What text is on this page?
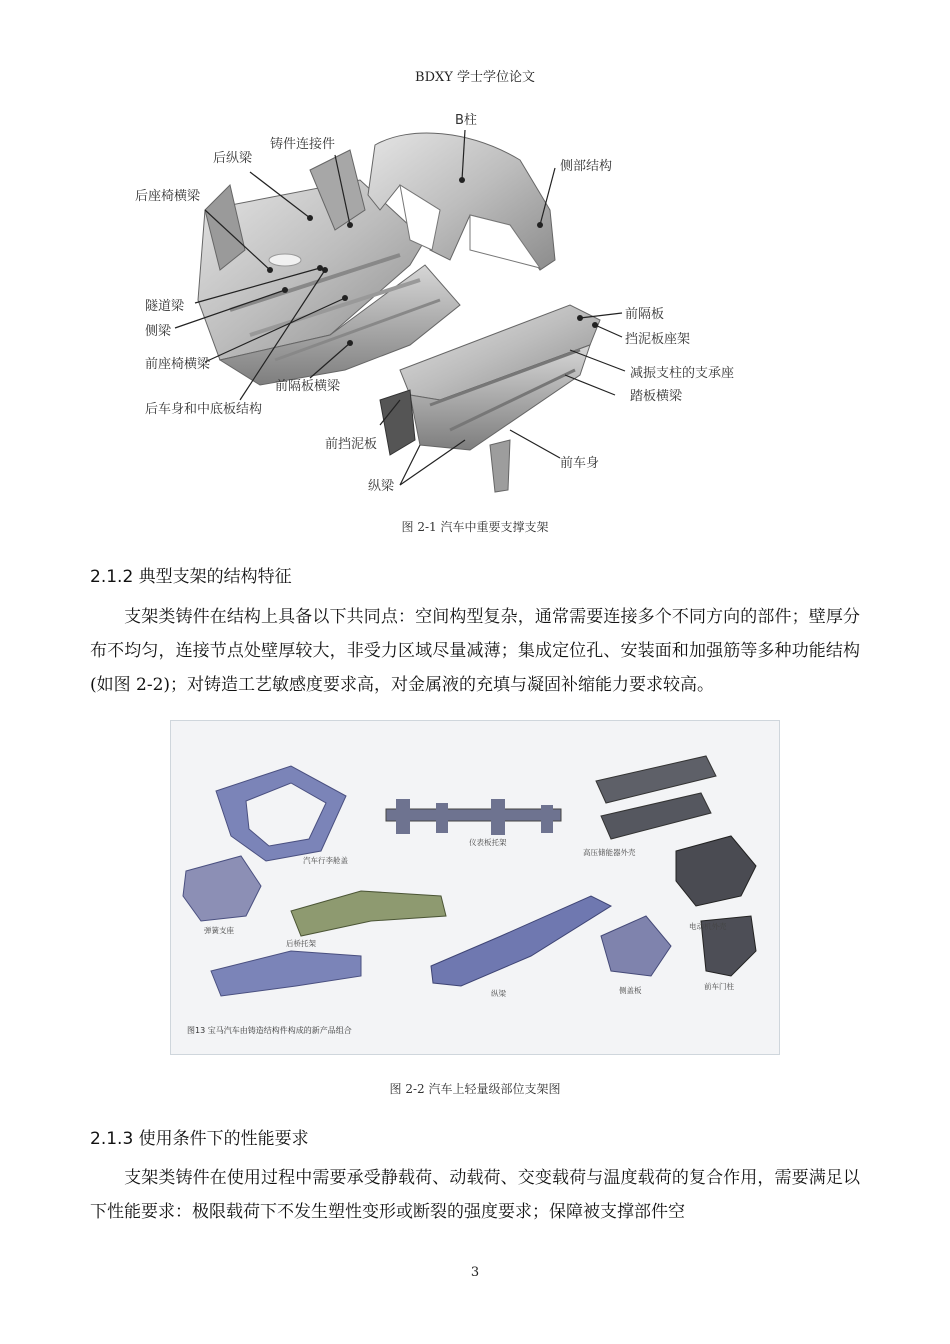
BDXY 学士学位论文
B柱
铸件连接件
后纵梁
侧部结构
后座椅横梁
隧道梁
侧梁
前座椅横梁
后车身和中底板结构
前隔板横梁
前隔板
挡泥板座架
减振支柱的支承座
踏板横梁
前挡泥板
前车身
纵梁
图 2-1 汽车中重要支撑支架
2.1.2 典型支架的结构特征

支架类铸件在结构上具备以下共同点：空间构型复杂，通常需要连接多个不同方向的部件；壁厚分布不均匀，连接节点处壁厚较大，非受力区域尽量减薄；集成定位孔、安装面和加强筋等多种功能结构(如图 2-2)；对铸造工艺敏感度要求高，对金属液的充填与凝固补缩能力要求较高。

汽车行李舱盖
仪表板托架
高压储能器外壳
电动机外壳
弹簧支座
后桥托架
纵梁	侧盖板	前车门柱
图13 宝马汽车由铸造结构件构成的新产品组合
图 2-2 汽车上轻量级部位支架图
2.1.3 使用条件下的性能要求

支架类铸件在使用过程中需要承受静载荷、动载荷、交变载荷与温度载荷的复合作用，需要满足以下性能要求：极限载荷下不发生塑性变形或断裂的强度要求；保障被支撑部件空

3
